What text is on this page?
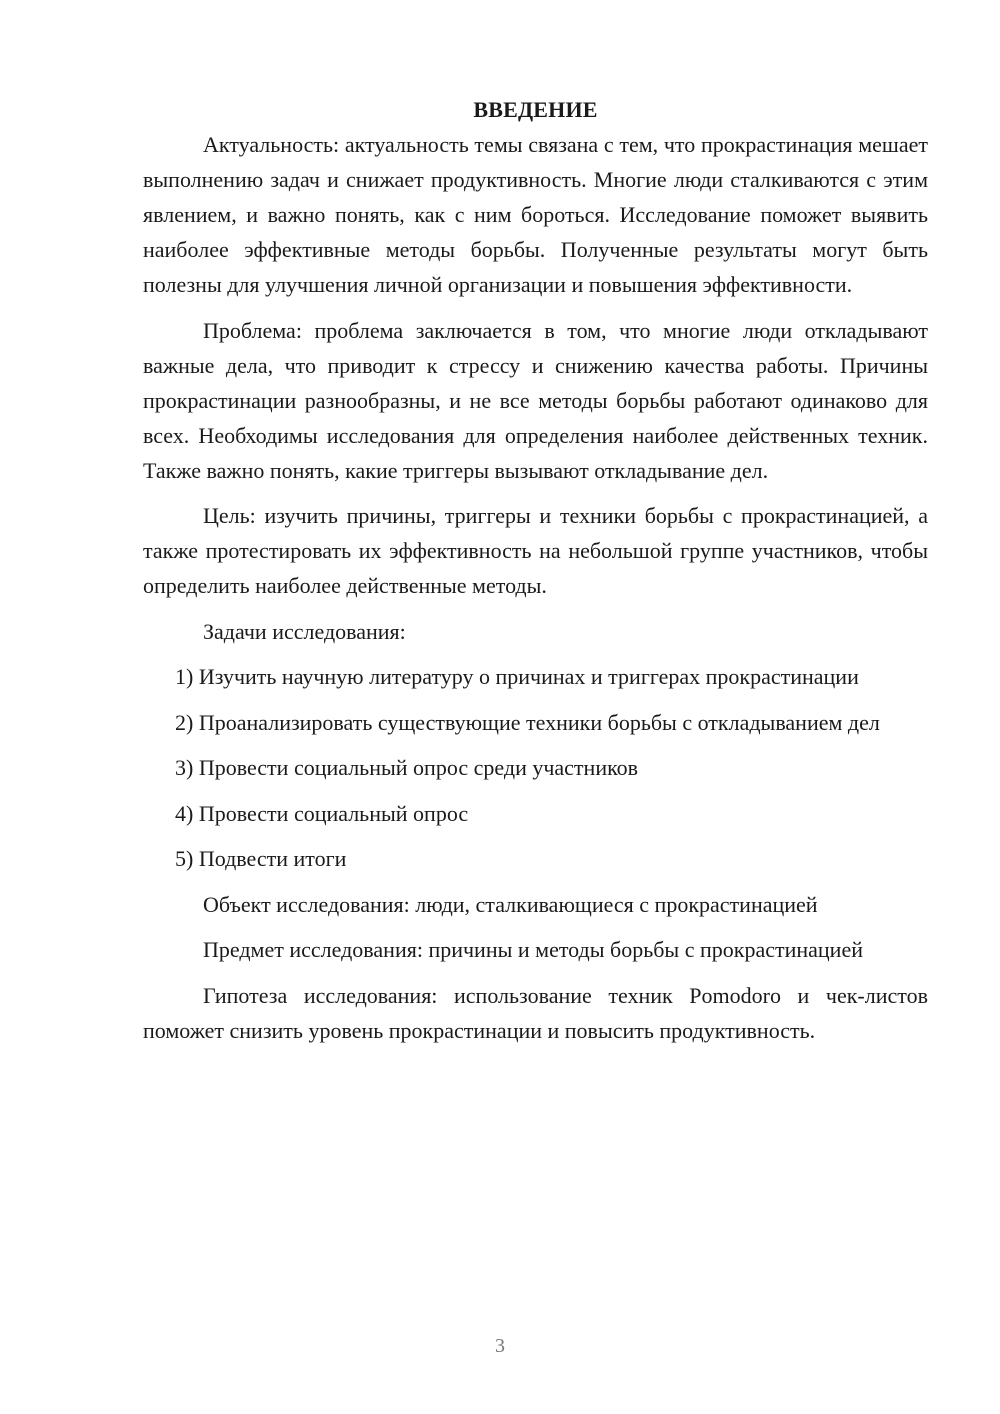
ВВЕДЕНИЕ

Актуальность: актуальность темы связана с тем, что прокрастинация мешает выполнению задач и снижает продуктивность. Многие люди сталкиваются с этим явлением, и важно понять, как с ним бороться. Исследование поможет выявить наиболее эффективные методы борьбы. Полученные результаты могут быть полезны для улучшения личной организации и повышения эффективности.

Проблема: проблема заключается в том, что многие люди откладывают важные дела, что приводит к стрессу и снижению качества работы. Причины прокрастинации разнообразны, и не все методы борьбы работают одинаково для всех. Необходимы исследования для определения наиболее действенных техник. Также важно понять, какие триггеры вызывают откладывание дел.

Цель: изучить причины, триггеры и техники борьбы с прокрастинацией, а также протестировать их эффективность на небольшой группе участников, чтобы определить наиболее действенные методы.

Задачи исследования:

1) Изучить научную литературу о причинах и триггерах прокрастинации

2) Проанализировать существующие техники борьбы с откладыванием дел

3) Провести социальный опрос среди участников

4) Провести социальный опрос

5) Подвести итоги

Объект исследования: люди, сталкивающиеся с прокрастинацией

Предмет исследования: причины и методы борьбы с прокрастинацией

Гипотеза исследования: использование техник Pomodoro и чек-листов поможет снизить уровень прокрастинации и повысить продуктивность.

3
